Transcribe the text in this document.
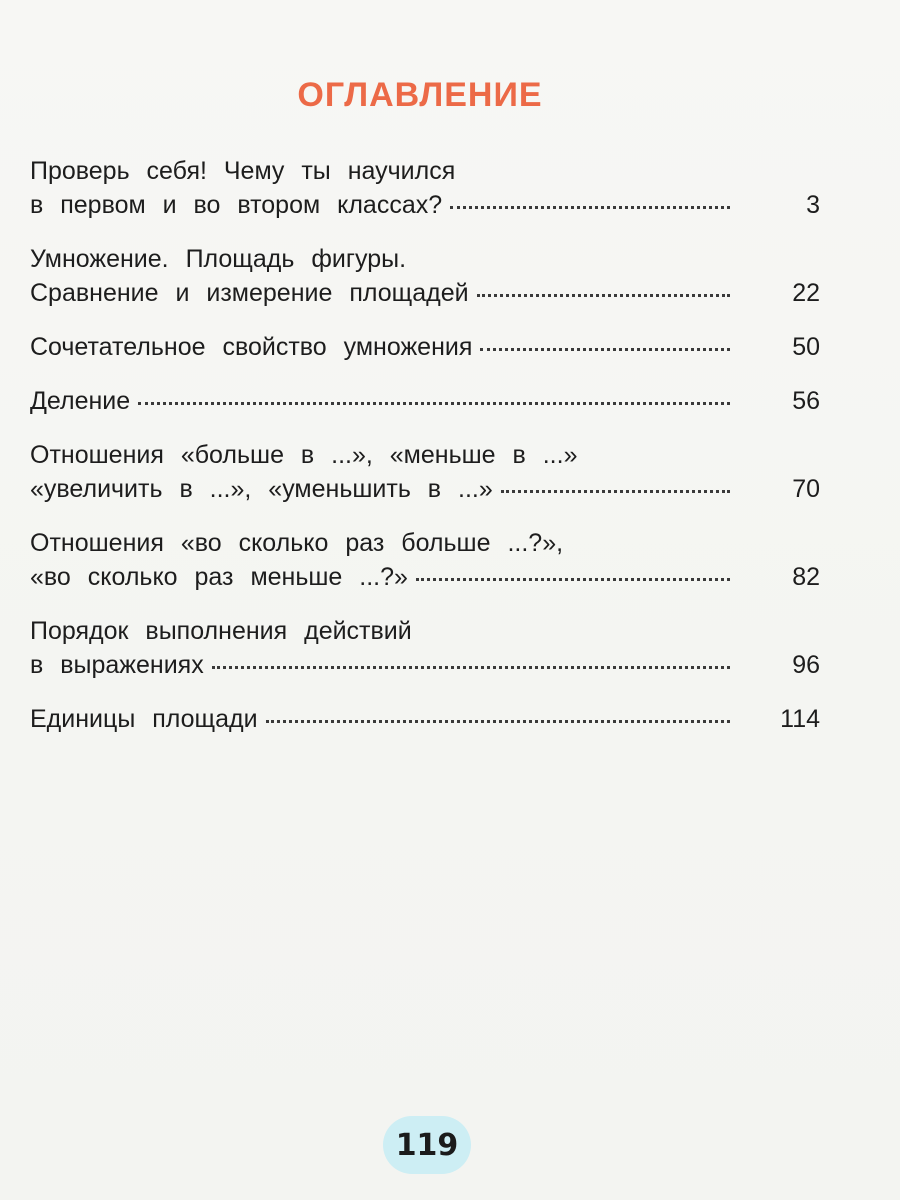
ОГЛАВЛЕНИЕ
Проверь себя! Чему ты научился
в первом и во втором классах?	3
Умножение. Площадь фигуры.
Сравнение и измерение площадей	22
Сочетательное свойство умножения	50
Деление	56
Отношения «больше в ...», «меньше в ...»
«увеличить в ...», «уменьшить в ...»	70
Отношения «во сколько раз больше ...?»,
«во сколько раз меньше ...?»	82
Порядок выполнения действий
в выражениях	96
Единицы площади	114
119
